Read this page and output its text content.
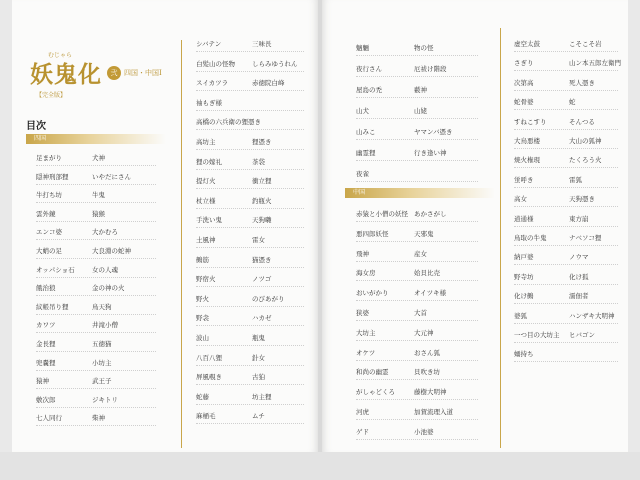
むじゃら
妖鬼化
【完全版】
弐 四国・中国Ⅰ
目次
四国
中国
足まがり	犬神
隠神刑部狸	いやだにさん
牛打ち坊	牛鬼
雲外鏡	猿猴
エンコ婆	大かむろ
大蛸の足	大良淵の蛇神
オッパショ石	女の人魂
餓治狼	金の神の火
紋帳吊り狸	鳥天狗
カワツ	井滝小僧
金長狸	五徳猫
兜嚢狸	小坊主
猿神	武王子
敷次郎	ジキトリ
七人同行	柴神
シバテン	三味長
白髪山の怪物	しらみゆうれん
スイカツラ	赤徳院白峰
袖もぎ様
高橋の六兵衛の狸憑き
高坊主	狸憑き
狸の嫁礼	茶袋
提灯火	衝立狸
杖立様	釣瓶火
手洗い鬼	天狗囃
土風神	雷女
鵺筋	猫憑き
野宿火	ノツゴ
野火	のびあがり
野衾	ハカゼ
波山	瓶鬼
八百八狸	針女
屏風覗き	古狛
蛇藤	坊主狸
麻桶毛	ムチ
魑魎	物の怪
夜行さん	厄祓け階段
屋島の禿	藪神
山犬	山姥
山みこ	ヤマンバ憑き
幽霊狸	行き逢い神
夜雀
赤猿と小僧の妖怪 あかさがし
悪四郎妖怪	天邪鬼
飛神	産女
海女房	姶貝比売
おいがかり	オイツキ様
狭婆	大首
大坊主	大元神
オケツ	おさん狐
和尚の幽霊	貝吹き坊
がしゃどくろ	藤樹大明神
河虎	加賀流理入道
ゲド	小池婆
虚空太鼓	こそこそ岩
さぎり	山ン本五郎左衛門
次第高	死人憑き
蛇骨婆	蛇
すねこすり	そんつる
大鳥悪楼	大山の狐神
焼火権現	たくろう火
蛍呼き	雷狐
高女	天狗憑き
道通様	東方崩
鳥取の牛鬼	ナベソコ狸
納戸婆	ノウマ
野寺坊	化け狐
化け鵺	濡佃者
婆狐	ハンザキ大明神
一つ目の大坊主 ヒバゴン
蛹持ち
